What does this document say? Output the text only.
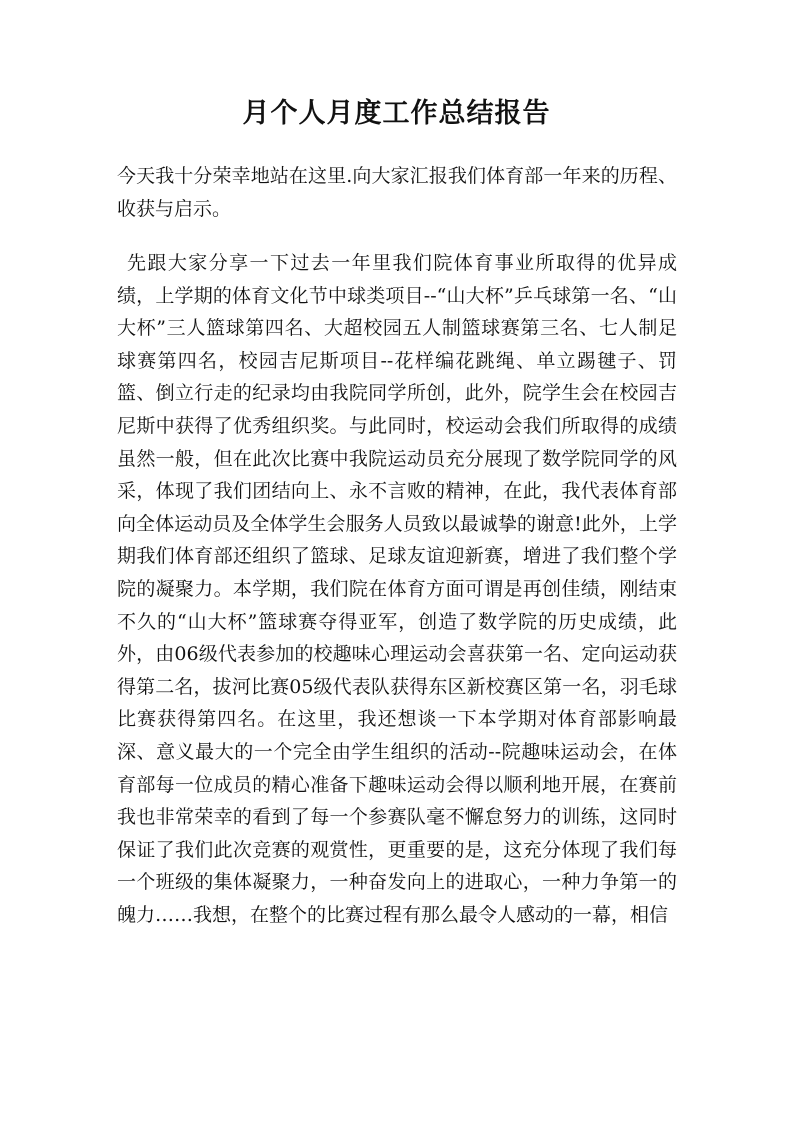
月个人月度工作总结报告

今天我十分荣幸地站在这里.向大家汇报我们体育部一年来的历程、收获与启示。

先跟大家分享一下过去一年里我们院体育事业所取得的优异成绩，上学期的体育文化节中球类项目--“山大杯”乒乓球第一名、“山大杯”三人篮球第四名、大超校园五人制篮球赛第三名、七人制足球赛第四名，校园吉尼斯项目--花样编花跳绳、单立踢毽子、罚篮、倒立行走的纪录均由我院同学所创，此外，院学生会在校园吉尼斯中获得了优秀组织奖。与此同时，校运动会我们所取得的成绩虽然一般，但在此次比赛中我院运动员充分展现了数学院同学的风采，体现了我们团结向上、永不言败的精神，在此，我代表体育部向全体运动员及全体学生会服务人员致以最诚挚的谢意!此外，上学期我们体育部还组织了篮球、足球友谊迎新赛，增进了我们整个学院的凝聚力。本学期，我们院在体育方面可谓是再创佳绩，刚结束不久的“山大杯”篮球赛夺得亚军，创造了数学院的历史成绩，此外，由06级代表参加的校趣味心理运动会喜获第一名、定向运动获得第二名，拔河比赛05级代表队获得东区新校赛区第一名，羽毛球比赛获得第四名。在这里，我还想谈一下本学期对体育部影响最深、意义最大的一个完全由学生组织的活动--院趣味运动会，在体育部每一位成员的精心准备下趣味运动会得以顺利地开展，在赛前我也非常荣幸的看到了每一个参赛队毫不懈怠努力的训练，这同时保证了我们此次竞赛的观赏性，更重要的是，这充分体现了我们每一个班级的集体凝聚力，一种奋发向上的进取心，一种力争第一的魄力……我想，在整个的比赛过程有那么最令人感动的一幕，相信
